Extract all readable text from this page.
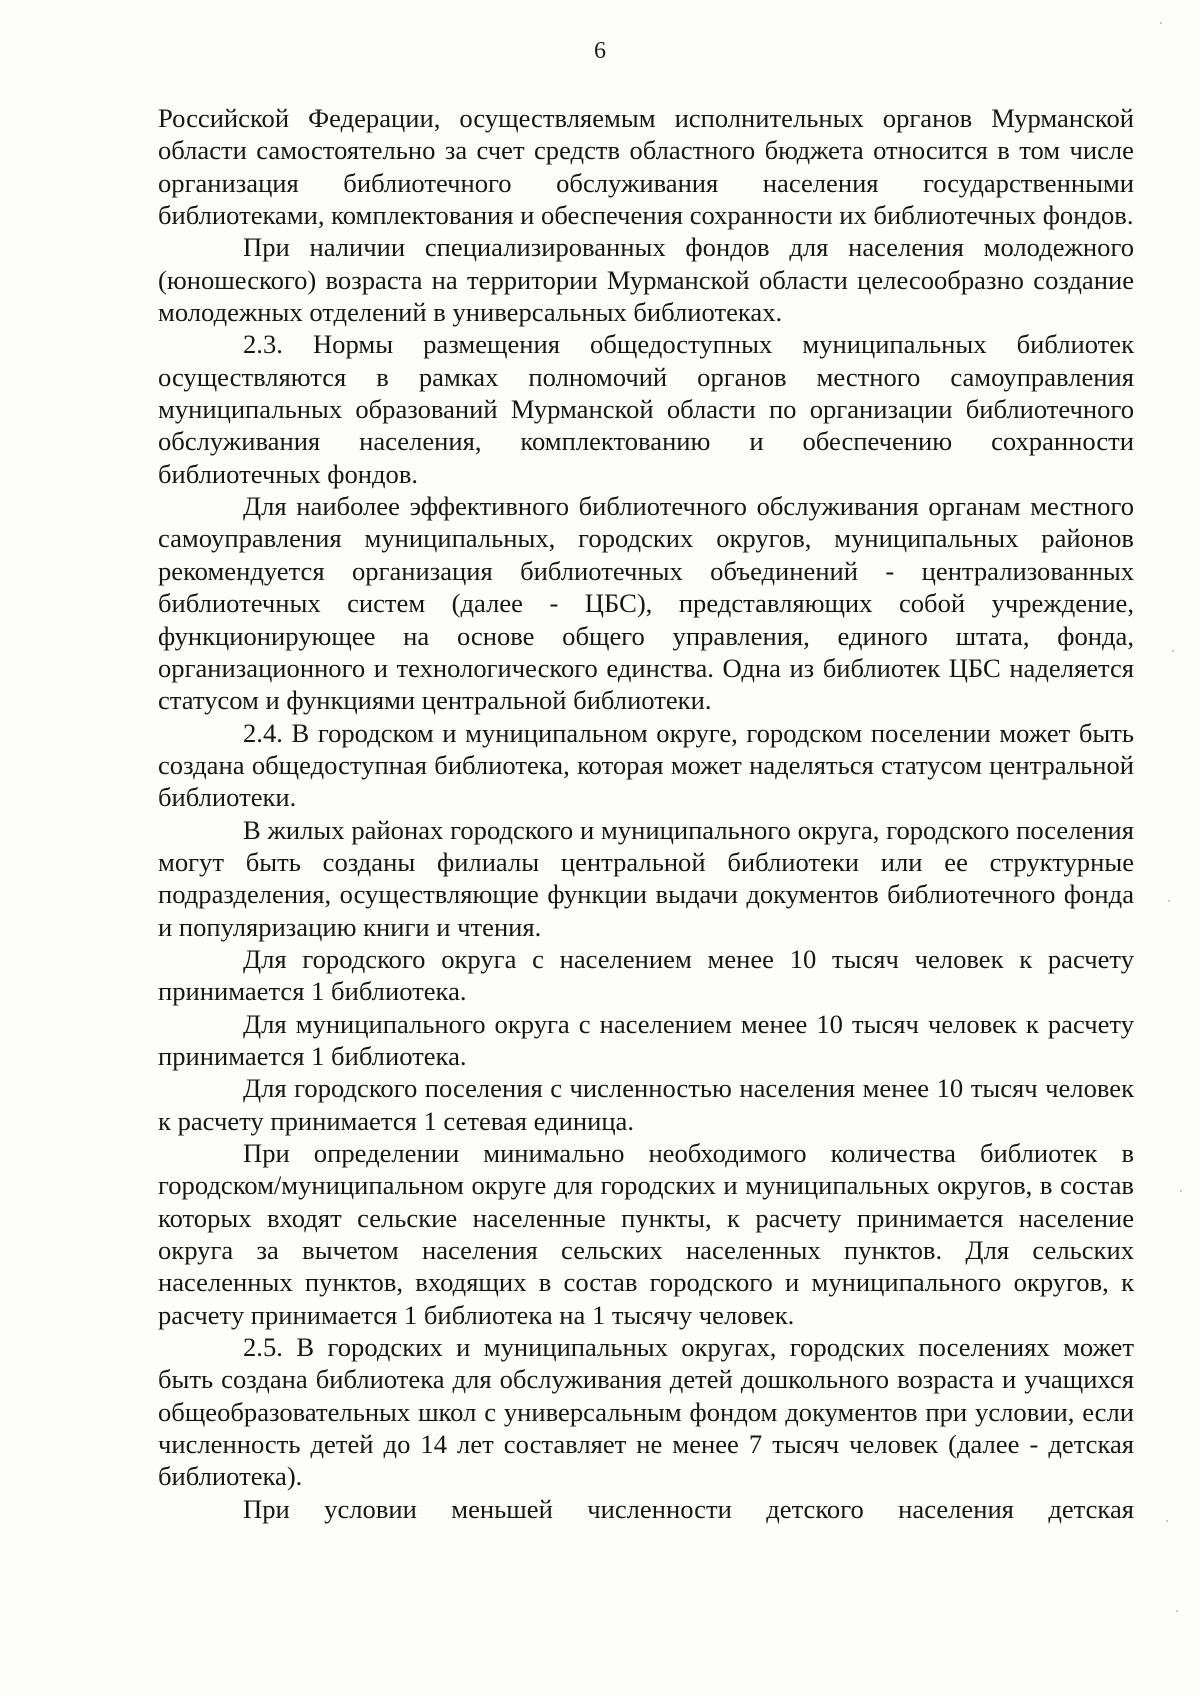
6

Российской Федерации, осуществляемым исполнительных органов Мурманской области самостоятельно за счет средств областного бюджета относится в том числе организация библиотечного обслуживания населения государственными библиотеками, комплектования и обеспечения сохранности их библиотечных фондов.

При наличии специализированных фондов для населения молодежного (юношеского) возраста на территории Мурманской области целесообразно создание молодежных отделений в универсальных библиотеках.

2.3. Нормы размещения общедоступных муниципальных библиотек осуществляются в рамках полномочий органов местного самоуправления муниципальных образований Мурманской области по организации библиотечного обслуживания населения, комплектованию и обеспечению сохранности библиотечных фондов.

Для наиболее эффективного библиотечного обслуживания органам местного самоуправления муниципальных, городских округов, муниципальных районов рекомендуется организация библиотечных объединений - централизованных библиотечных систем (далее - ЦБС), представляющих собой учреждение, функционирующее на основе общего управления, единого штата, фонда, организационного и технологического единства. Одна из библиотек ЦБС наделяется статусом и функциями центральной библиотеки.

2.4. В городском и муниципальном округе, городском поселении может быть создана общедоступная библиотека, которая может наделяться статусом центральной библиотеки.

В жилых районах городского и муниципального округа, городского поселения могут быть созданы филиалы центральной библиотеки или ее структурные подразделения, осуществляющие функции выдачи документов библиотечного фонда и популяризацию книги и чтения.

Для городского округа с населением менее 10 тысяч человек к расчету принимается 1 библиотека.

Для муниципального округа с населением менее 10 тысяч человек к расчету принимается 1 библиотека.

Для городского поселения с численностью населения менее 10 тысяч человек к расчету принимается 1 сетевая единица.

При определении минимально необходимого количества библиотек в городском/муниципальном округе для городских и муниципальных округов, в состав которых входят сельские населенные пункты, к расчету принимается население округа за вычетом населения сельских населенных пунктов. Для сельских населенных пунктов, входящих в состав городского и муниципального округов, к расчету принимается 1 библиотека на 1 тысячу человек.

2.5. В городских и муниципальных округах, городских поселениях может быть создана библиотека для обслуживания детей дошкольного возраста и учащихся общеобразовательных школ с универсальным фондом документов при условии, если численность детей до 14 лет составляет не менее 7 тысяч человек (далее - детская библиотека).

При условии меньшей численности детского населения детская
